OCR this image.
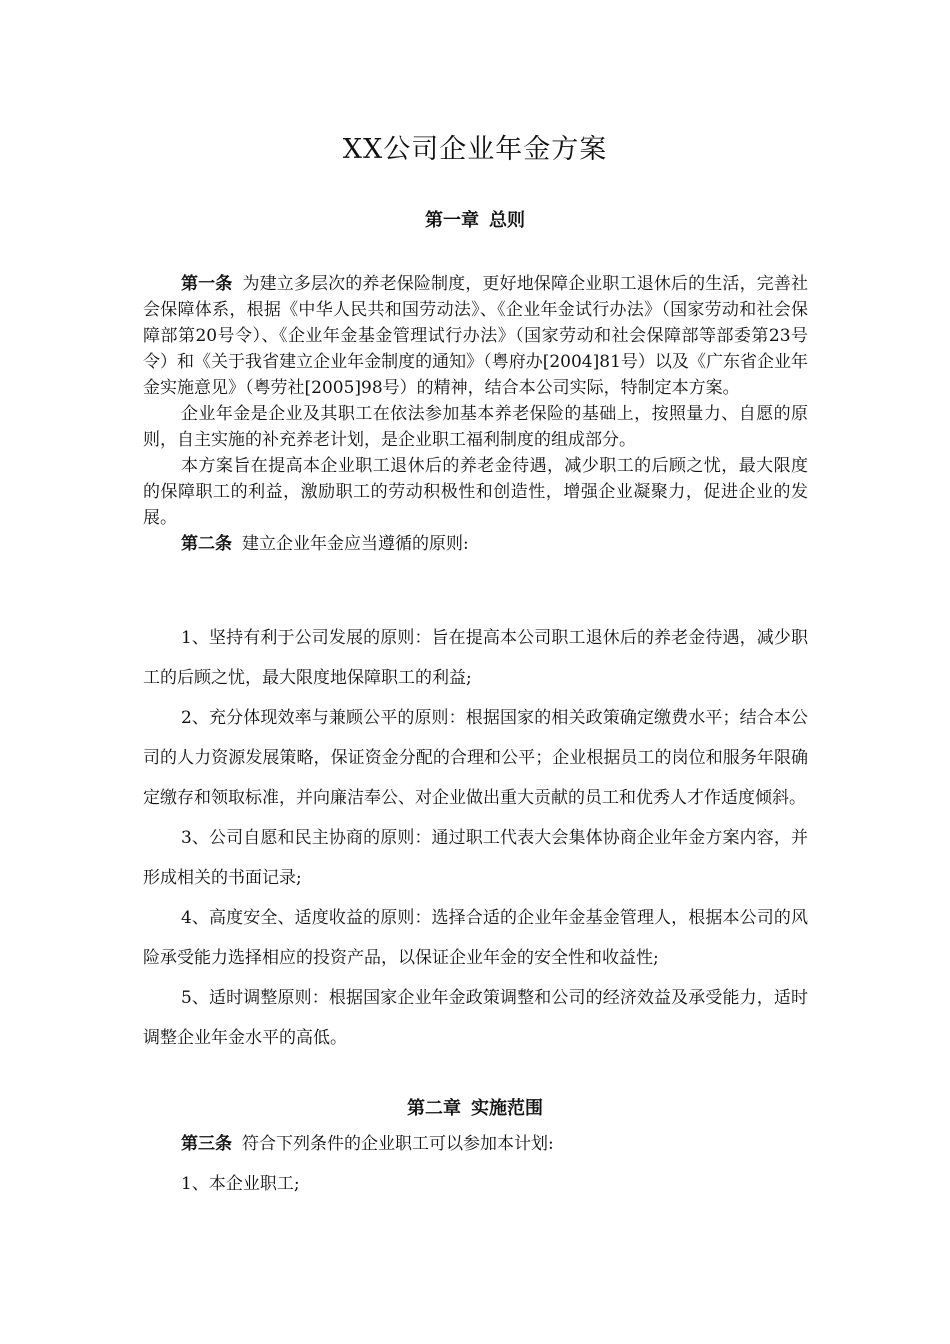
XX公司企业年金方案
第一章 总则

第一条 为建立多层次的养老保险制度，更好地保障企业职工退休后的生活，完善社会保障体系，根据《中华人民共和国劳动法》、《企业年金试行办法》（国家劳动和社会保障部第20号令）、《企业年金基金管理试行办法》（国家劳动和社会保障部等部委第23号令）和《关于我省建立企业年金制度的通知》（粤府办[2004]81号）以及《广东省企业年金实施意见》（粤劳社[2005]98号）的精神，结合本公司实际，特制定本方案。

企业年金是企业及其职工在依法参加基本养老保险的基础上，按照量力、自愿的原则，自主实施的补充养老计划，是企业职工福利制度的组成部分。

本方案旨在提高本企业职工退休后的养老金待遇，减少职工的后顾之忧，最大限度的保障职工的利益，激励职工的劳动积极性和创造性，增强企业凝聚力，促进企业的发展。

第二条 建立企业年金应当遵循的原则:

1、坚持有利于公司发展的原则：旨在提高本公司职工退休后的养老金待遇，减少职工的后顾之忧，最大限度地保障职工的利益;

2、充分体现效率与兼顾公平的原则：根据国家的相关政策确定缴费水平；结合本公司的人力资源发展策略，保证资金分配的合理和公平；企业根据员工的岗位和服务年限确定缴存和领取标准，并向廉洁奉公、对企业做出重大贡献的员工和优秀人才作适度倾斜。

3、公司自愿和民主协商的原则：通过职工代表大会集体协商企业年金方案内容，并形成相关的书面记录;

4、高度安全、适度收益的原则：选择合适的企业年金基金管理人，根据本公司的风险承受能力选择相应的投资产品，以保证企业年金的安全性和收益性;

5、适时调整原则：根据国家企业年金政策调整和公司的经济效益及承受能力，适时调整企业年金水平的高低。

第二章 实施范围

第三条 符合下列条件的企业职工可以参加本计划:

1、本企业职工;
